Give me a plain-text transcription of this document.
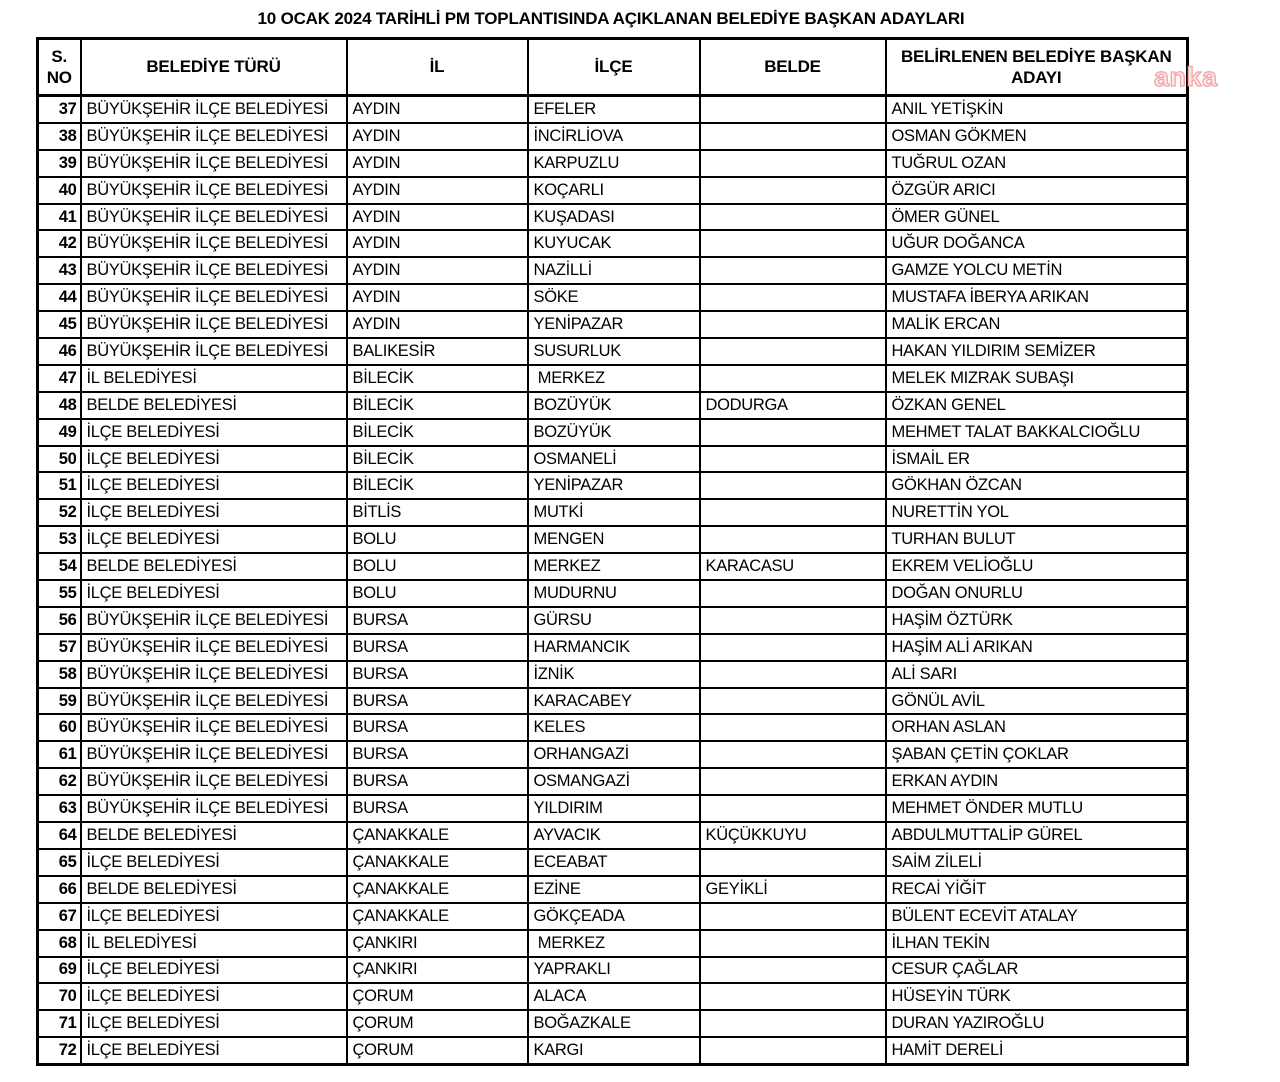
10 OCAK 2024 TARİHLİ PM TOPLANTISINDA AÇIKLANAN BELEDİYE BAŞKAN ADAYLARI
anka
S. NO	BELEDİYE TÜRÜ	İL	İLÇE	BELDE	BELİRLENEN BELEDİYE BAŞKAN ADAYI
37	BÜYÜKŞEHİR İLÇE BELEDİYESİ	AYDIN	EFELER		ANIL YETİŞKİN
38	BÜYÜKŞEHİR İLÇE BELEDİYESİ	AYDIN	İNCİRLİOVA		OSMAN GÖKMEN
39	BÜYÜKŞEHİR İLÇE BELEDİYESİ	AYDIN	KARPUZLU		TUĞRUL OZAN
40	BÜYÜKŞEHİR İLÇE BELEDİYESİ	AYDIN	KOÇARLI		ÖZGÜR ARICI
41	BÜYÜKŞEHİR İLÇE BELEDİYESİ	AYDIN	KUŞADASI		ÖMER GÜNEL
42	BÜYÜKŞEHİR İLÇE BELEDİYESİ	AYDIN	KUYUCAK		UĞUR DOĞANCA
43	BÜYÜKŞEHİR İLÇE BELEDİYESİ	AYDIN	NAZİLLİ		GAMZE YOLCU METİN
44	BÜYÜKŞEHİR İLÇE BELEDİYESİ	AYDIN	SÖKE		MUSTAFA İBERYA ARIKAN
45	BÜYÜKŞEHİR İLÇE BELEDİYESİ	AYDIN	YENİPAZAR		MALİK ERCAN
46	BÜYÜKŞEHİR İLÇE BELEDİYESİ	BALIKESİR	SUSURLUK		HAKAN YILDIRIM SEMİZER
47	İL BELEDİYESİ	BİLECİK	MERKEZ		MELEK MIZRAK SUBAŞI
48	BELDE BELEDİYESİ	BİLECİK	BOZÜYÜK	DODURGA	ÖZKAN GENEL
49	İLÇE BELEDİYESİ	BİLECİK	BOZÜYÜK		MEHMET TALAT BAKKALCIOĞLU
50	İLÇE BELEDİYESİ	BİLECİK	OSMANELİ		İSMAİL ER
51	İLÇE BELEDİYESİ	BİLECİK	YENİPAZAR		GÖKHAN ÖZCAN
52	İLÇE BELEDİYESİ	BİTLİS	MUTKİ		NURETTİN YOL
53	İLÇE BELEDİYESİ	BOLU	MENGEN		TURHAN BULUT
54	BELDE BELEDİYESİ	BOLU	MERKEZ	KARACASU	EKREM VELİOĞLU
55	İLÇE BELEDİYESİ	BOLU	MUDURNU		DOĞAN ONURLU
56	BÜYÜKŞEHİR İLÇE BELEDİYESİ	BURSA	GÜRSU		HAŞİM ÖZTÜRK
57	BÜYÜKŞEHİR İLÇE BELEDİYESİ	BURSA	HARMANCIK		HAŞİM ALİ ARIKAN
58	BÜYÜKŞEHİR İLÇE BELEDİYESİ	BURSA	İZNİK		ALİ SARI
59	BÜYÜKŞEHİR İLÇE BELEDİYESİ	BURSA	KARACABEY		GÖNÜL AVİL
60	BÜYÜKŞEHİR İLÇE BELEDİYESİ	BURSA	KELES		ORHAN ASLAN
61	BÜYÜKŞEHİR İLÇE BELEDİYESİ	BURSA	ORHANGAZİ		ŞABAN ÇETİN ÇOKLAR
62	BÜYÜKŞEHİR İLÇE BELEDİYESİ	BURSA	OSMANGAZİ		ERKAN AYDIN
63	BÜYÜKŞEHİR İLÇE BELEDİYESİ	BURSA	YILDIRIM		MEHMET ÖNDER MUTLU
64	BELDE BELEDİYESİ	ÇANAKKALE	AYVACIK	KÜÇÜKKUYU	ABDULMUTTALİP GÜREL
65	İLÇE BELEDİYESİ	ÇANAKKALE	ECEABAT		SAİM ZİLELİ
66	BELDE BELEDİYESİ	ÇANAKKALE	EZİNE	GEYİKLİ	RECAİ YİĞİT
67	İLÇE BELEDİYESİ	ÇANAKKALE	GÖKÇEADA		BÜLENT ECEVİT ATALAY
68	İL BELEDİYESİ	ÇANKIRI	MERKEZ		İLHAN TEKİN
69	İLÇE BELEDİYESİ	ÇANKIRI	YAPRAKLI		CESUR ÇAĞLAR
70	İLÇE BELEDİYESİ	ÇORUM	ALACA		HÜSEYİN TÜRK
71	İLÇE BELEDİYESİ	ÇORUM	BOĞAZKALE		DURAN YAZIROĞLU
72	İLÇE BELEDİYESİ	ÇORUM	KARGI		HAMİT DERELİ
